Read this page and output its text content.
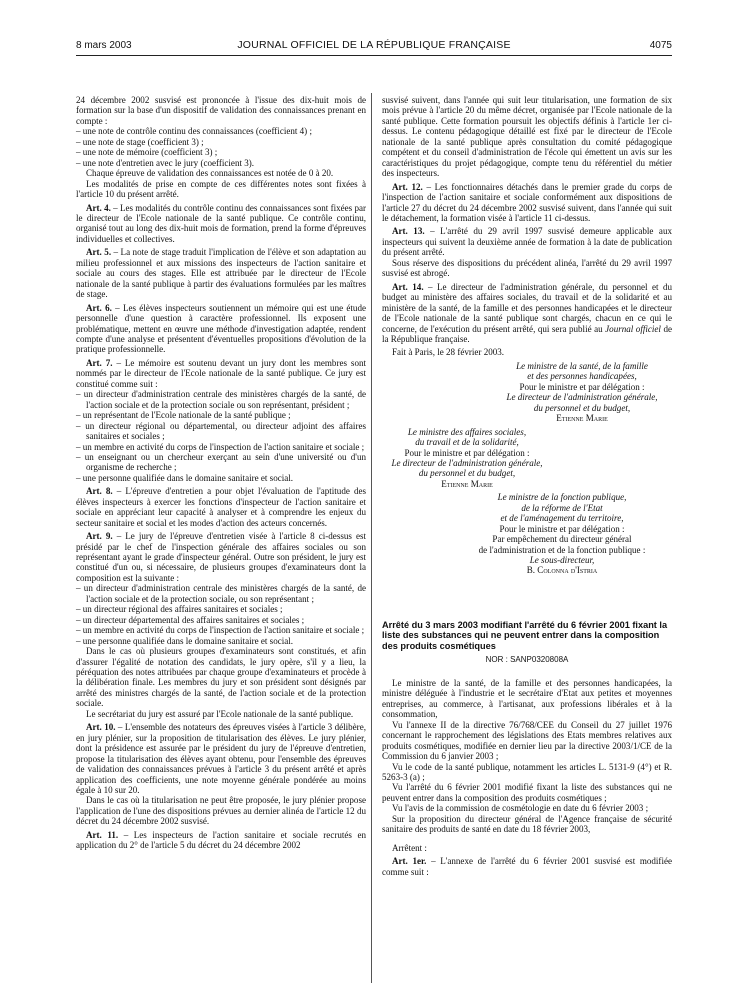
8 mars 2003	JOURNAL OFFICIEL DE LA RÉPUBLIQUE FRANÇAISE	4075

24 décembre 2002 susvisé est prononcée à l'issue des dix-huit mois de formation sur la base d'un dispositif de validation des connaissances prenant en compte :

– une note de contrôle continu des connaissances (coefficient 4) ;

– une note de stage (coefficient 3) ;

– une note de mémoire (coefficient 3) ;

– une note d'entretien avec le jury (coefficient 3).

Chaque épreuve de validation des connaissances est notée de 0 à 20.

Les modalités de prise en compte de ces différentes notes sont fixées à l'article 10 du présent arrêté.

Art. 4. – Les modalités du contrôle continu des connaissances sont fixées par le directeur de l'Ecole nationale de la santé publique. Ce contrôle continu, organisé tout au long des dix-huit mois de formation, prend la forme d'épreuves individuelles et collectives.

Art. 5. – La note de stage traduit l'implication de l'élève et son adaptation au milieu professionnel et aux missions des inspecteurs de l'action sanitaire et sociale au cours des stages. Elle est attribuée par le directeur de l'Ecole nationale de la santé publique à partir des évaluations formulées par les maîtres de stage.

Art. 6. – Les élèves inspecteurs soutiennent un mémoire qui est une étude personnelle d'une question à caractère professionnel. Ils exposent une problématique, mettent en œuvre une méthode d'investigation adaptée, rendent compte d'une analyse et présentent d'éventuelles propositions d'évolution de la pratique professionnelle.

Art. 7. – Le mémoire est soutenu devant un jury dont les membres sont nommés par le directeur de l'Ecole nationale de la santé publique. Ce jury est constitué comme suit :

– un directeur d'administration centrale des ministères chargés de la santé, de l'action sociale et de la protection sociale ou son représentant, président ;

– un représentant de l'Ecole nationale de la santé publique ;

– un directeur régional ou départemental, ou directeur adjoint des affaires sanitaires et sociales ;

– un membre en activité du corps de l'inspection de l'action sanitaire et sociale ;

– un enseignant ou un chercheur exerçant au sein d'une université ou d'un organisme de recherche ;

– une personne qualifiée dans le domaine sanitaire et social.

Art. 8. – L'épreuve d'entretien a pour objet l'évaluation de l'aptitude des élèves inspecteurs à exercer les fonctions d'inspecteur de l'action sanitaire et sociale en appréciant leur capacité à analyser et à comprendre les enjeux du secteur sanitaire et social et les modes d'action des acteurs concernés.

Art. 9. – Le jury de l'épreuve d'entretien visée à l'article 8 ci-dessus est présidé par le chef de l'inspection générale des affaires sociales ou son représentant ayant le grade d'inspecteur général. Outre son président, le jury est constitué d'un ou, si nécessaire, de plusieurs groupes d'examinateurs dont la composition est la suivante :

– un directeur d'administration centrale des ministères chargés de la santé, de l'action sociale et de la protection sociale, ou son représentant ;

– un directeur régional des affaires sanitaires et sociales ;

– un directeur départemental des affaires sanitaires et sociales ;

– un membre en activité du corps de l'inspection de l'action sanitaire et sociale ;

– une personne qualifiée dans le domaine sanitaire et social.

Dans le cas où plusieurs groupes d'examinateurs sont constitués, et afin d'assurer l'égalité de notation des candidats, le jury opère, s'il y a lieu, la péréquation des notes attribuées par chaque groupe d'examinateurs et procède à la délibération finale. Les membres du jury et son président sont désignés par arrêté des ministres chargés de la santé, de l'action sociale et de la protection sociale.

Le secrétariat du jury est assuré par l'Ecole nationale de la santé publique.

Art. 10. – L'ensemble des notateurs des épreuves visées à l'article 3 délibère, en jury plénier, sur la proposition de titularisation des élèves. Le jury plénier, dont la présidence est assurée par le président du jury de l'épreuve d'entretien, propose la titularisation des élèves ayant obtenu, pour l'ensemble des épreuves de validation des connaissances prévues à l'article 3 du présent arrêté et après application des coefficients, une note moyenne générale pondérée au moins égale à 10 sur 20.

Dans le cas où la titularisation ne peut être proposée, le jury plénier propose l'application de l'une des dispositions prévues au dernier alinéa de l'article 12 du décret du 24 décembre 2002 susvisé.

Art. 11. – Les inspecteurs de l'action sanitaire et sociale recrutés en application du 2° de l'article 5 du décret du 24 décembre 2002

susvisé suivent, dans l'année qui suit leur titularisation, une formation de six mois prévue à l'article 20 du même décret, organisée par l'Ecole nationale de la santé publique. Cette formation poursuit les objectifs définis à l'article 1er ci-dessus. Le contenu pédagogique détaillé est fixé par le directeur de l'Ecole nationale de la santé publique après consultation du comité pédagogique compétent et du conseil d'administration de l'école qui émettent un avis sur les caractéristiques du projet pédagogique, compte tenu du référentiel du métier des inspecteurs.

Art. 12. – Les fonctionnaires détachés dans le premier grade du corps de l'inspection de l'action sanitaire et sociale conformément aux dispositions de l'article 27 du décret du 24 décembre 2002 susvisé suivent, dans l'année qui suit le détachement, la formation visée à l'article 11 ci-dessus.

Art. 13. – L'arrêté du 29 avril 1997 susvisé demeure applicable aux inspecteurs qui suivent la deuxième année de formation à la date de publication du présent arrêté.

Sous réserve des dispositions du précédent alinéa, l'arrêté du 29 avril 1997 susvisé est abrogé.

Art. 14. – Le directeur de l'administration générale, du personnel et du budget au ministère des affaires sociales, du travail et de la solidarité et au ministère de la santé, de la famille et des personnes handicapées et le directeur de l'Ecole nationale de la santé publique sont chargés, chacun en ce qui le concerne, de l'exécution du présent arrêté, qui sera publié au Journal officiel de la République française.

Fait à Paris, le 28 février 2003.

Le ministre de la santé, de la famille

et des personnes handicapées,

Pour le ministre et par délégation :

Le directeur de l'administration générale,

du personnel et du budget,

Etienne Marie

Le ministre des affaires sociales,

du travail et de la solidarité,

Pour le ministre et par délégation :

Le directeur de l'administration générale,

du personnel et du budget,

Etienne Marie

Le ministre de la fonction publique,

de la réforme de l'Etat

et de l'aménagement du territoire,

Pour le ministre et par délégation :

Par empêchement du directeur général

de l'administration et de la fonction publique :

Le sous-directeur,

B. Colonna d'Istria

Arrêté du 3 mars 2003 modifiant l'arrêté du 6 février 2001 fixant la liste des substances qui ne peuvent entrer dans la composition des produits cosmétiques

NOR : SANP0320808A

Le ministre de la santé, de la famille et des personnes handicapées, la ministre déléguée à l'industrie et le secrétaire d'Etat aux petites et moyennes entreprises, au commerce, à l'artisanat, aux professions libérales et à la consommation,

Vu l'annexe II de la directive 76/768/CEE du Conseil du 27 juillet 1976 concernant le rapprochement des législations des Etats membres relatives aux produits cosmétiques, modifiée en dernier lieu par la directive 2003/1/CE de la Commission du 6 janvier 2003 ;

Vu le code de la santé publique, notamment les articles L. 5131-9 (4°) et R. 5263-3 (a) ;

Vu l'arrêté du 6 février 2001 modifié fixant la liste des substances qui ne peuvent entrer dans la composition des produits cosmétiques ;

Vu l'avis de la commission de cosmétologie en date du 6 février 2003 ;

Sur la proposition du directeur général de l'Agence française de sécurité sanitaire des produits de santé en date du 18 février 2003,

Arrêtent :

Art. 1er. – L'annexe de l'arrêté du 6 février 2001 susvisé est modifiée comme suit :
